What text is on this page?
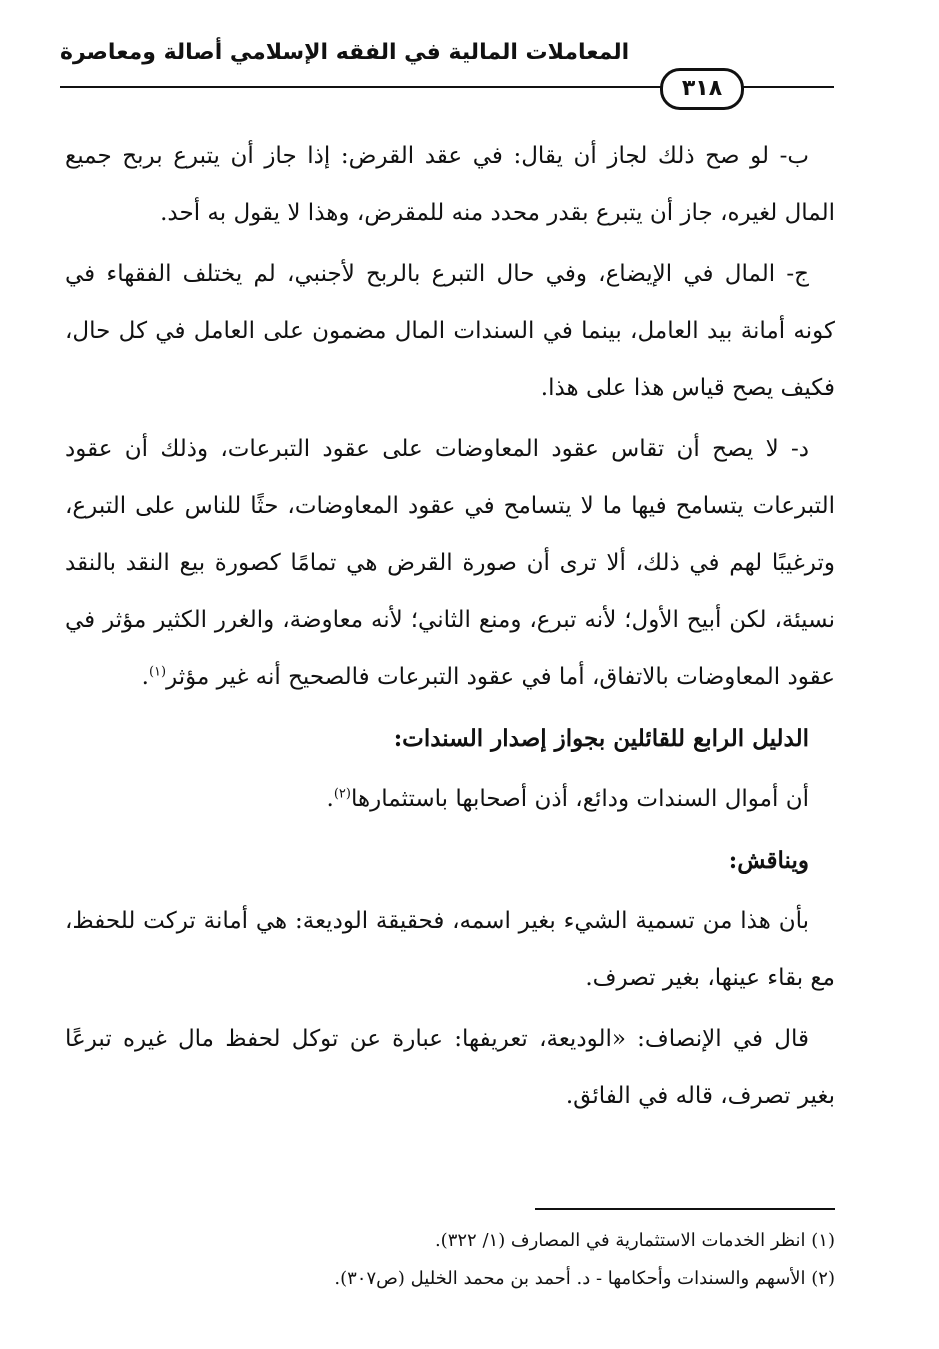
المعاملات المالية في الفقه الإسلامي أصالة ومعاصرة
٣١٨

ب- لو صح ذلك لجاز أن يقال: في عقد القرض: إذا جاز أن يتبرع بربح جميع المال لغيره، جاز أن يتبرع بقدر محدد منه للمقرض، وهذا لا يقول به أحد.

ج- المال في الإيضاع، وفي حال التبرع بالربح لأجنبي، لم يختلف الفقهاء في كونه أمانة بيد العامل، بينما في السندات المال مضمون على العامل في كل حال، فكيف يصح قياس هذا على هذا.

د- لا يصح أن تقاس عقود المعاوضات على عقود التبرعات، وذلك أن عقود التبرعات يتسامح فيها ما لا يتسامح في عقود المعاوضات، حثًا للناس على التبرع، وترغيبًا لهم في ذلك، ألا ترى أن صورة القرض هي تمامًا كصورة بيع النقد بالنقد نسيئة، لكن أبيح الأول؛ لأنه تبرع، ومنع الثاني؛ لأنه معاوضة، والغرر الكثير مؤثر في عقود المعاوضات بالاتفاق، أما في عقود التبرعات فالصحيح أنه غير مؤثر$^{(١)}$.

الدليل الرابع للقائلين بجواز إصدار السندات:

أن أموال السندات ودائع، أذن أصحابها باستثمارها$^{(٢)}$.

ويناقش:

بأن هذا من تسمية الشيء بغير اسمه، فحقيقة الوديعة: هي أمانة تركت للحفظ، مع بقاء عينها، بغير تصرف.

قال في الإنصاف: «الوديعة، تعريفها: عبارة عن توكل لحفظ مال غيره تبرعًا بغير تصرف، قاله في الفائق.

(١) انظر الخدمات الاستثمارية في المصارف (١/ ٣٢٢).
(٢) الأسهم والسندات وأحكامها - د. أحمد بن محمد الخليل (ص٣٠٧).
